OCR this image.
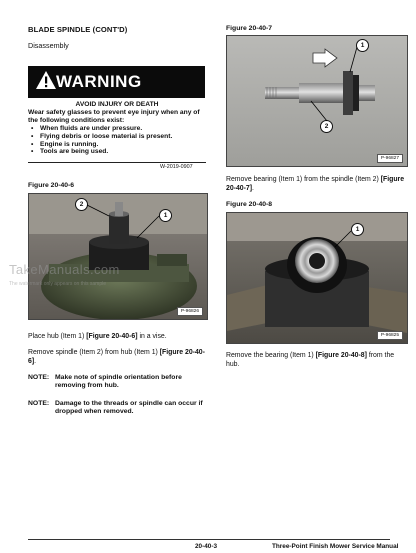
BLADE SPINDLE (CONT'D)
Disassembly
WARNING
AVOID INJURY OR DEATH
Wear safety glasses to prevent eye injury when any of the following conditions exist:
• When fluids are under pressure.
• Flying debris or loose material is present.
• Engine is running.
• Tools are being used.
W-2019-0907
Figure 20-40-6
2
1
P-96826
TakeManuals.com
The watermark only appears on this sample
Place hub (Item 1) [Figure 20-40-6] in a vise.
Remove spindle (Item 2) from hub (Item 1) [Figure 20-40-6].
NOTE: Make note of spindle orientation before removing from hub.
NOTE: Damage to the threads or spindle can occur if dropped when removed.
Figure 20-40-7
1
2
P-96827
Remove bearing (Item 1) from the spindle (Item 2) [Figure 20-40-7].
Figure 20-40-8
1
P-96825
Remove the bearing (Item 1) [Figure 20-40-8] from the hub.
20-40-3	Three-Point Finish Mower Service Manual
